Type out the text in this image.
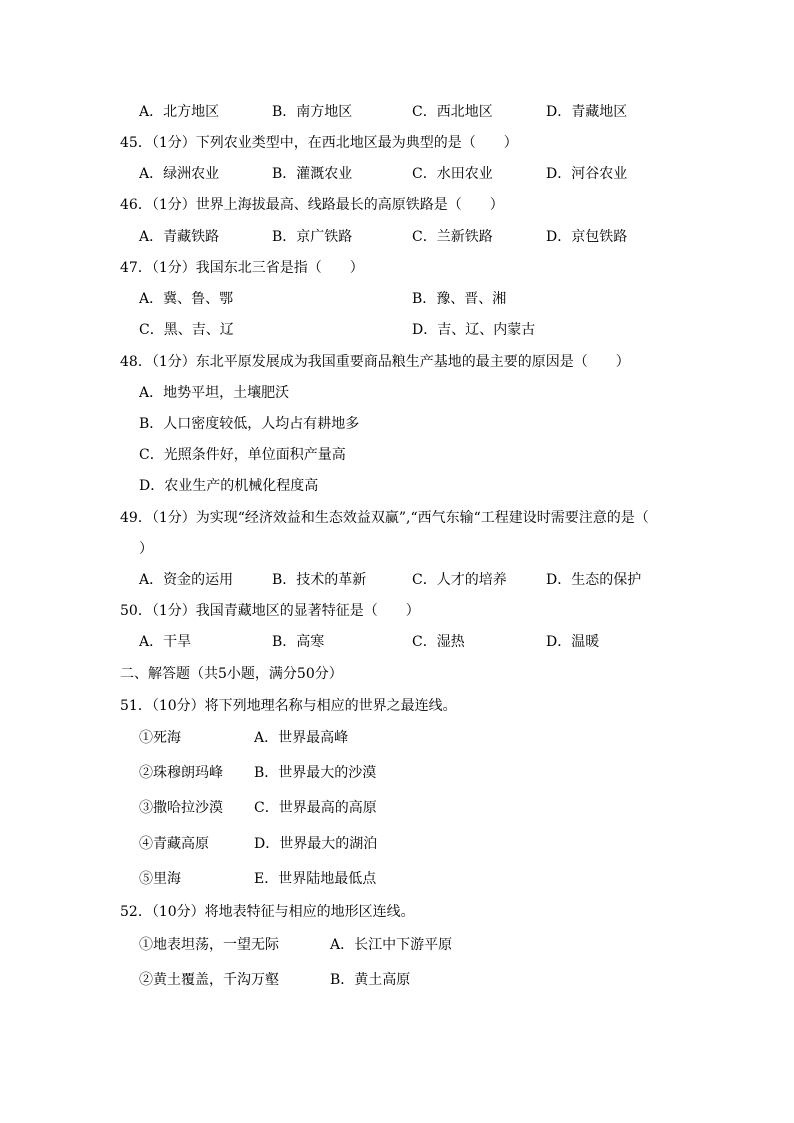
A．北方地区	B．南方地区	C．西北地区	D．青藏地区
45．（1分）下列农业类型中，在西北地区最为典型的是（　　）
A．绿洲农业	B．灌溉农业	C．水田农业	D．河谷农业
46．（1分）世界上海拔最高、线路最长的高原铁路是（　　）
A．青藏铁路	B．京广铁路	C．兰新铁路	D．京包铁路
47．（1分）我国东北三省是指（　　）
A．冀、鲁、鄂	B．豫、晋、湘
C．黑、吉、辽	D．吉、辽、内蒙古
48．（1分）东北平原发展成为我国重要商品粮生产基地的最主要的原因是（　　）
A．地势平坦，土壤肥沃
B．人口密度较低，人均占有耕地多
C．光照条件好，单位面积产量高
D．农业生产的机械化程度高
49．（1分）为实现“经济效益和生态效益双赢”,“西气东输“工程建设时需要注意的是（
）
A．资金的运用	B．技术的革新	C．人才的培养	D．生态的保护
50．（1分）我国青藏地区的显著特征是（　　）
A．干旱	B．高寒	C．湿热	D．温暖
二、解答题（共5小题，满分50分）
51．（10分）将下列地理名称与相应的世界之最连线。
①死海	A．世界最高峰
②珠穆朗玛峰 B．世界最大的沙漠
③撒哈拉沙漠 C．世界最高的高原
④青藏高原	D．世界最大的湖泊
⑤里海	E．世界陆地最低点
52．（10分）将地表特征与相应的地形区连线。
①地表坦荡，一望无际	A．长江中下游平原
②黄土覆盖，千沟万壑	B．黄土高原
